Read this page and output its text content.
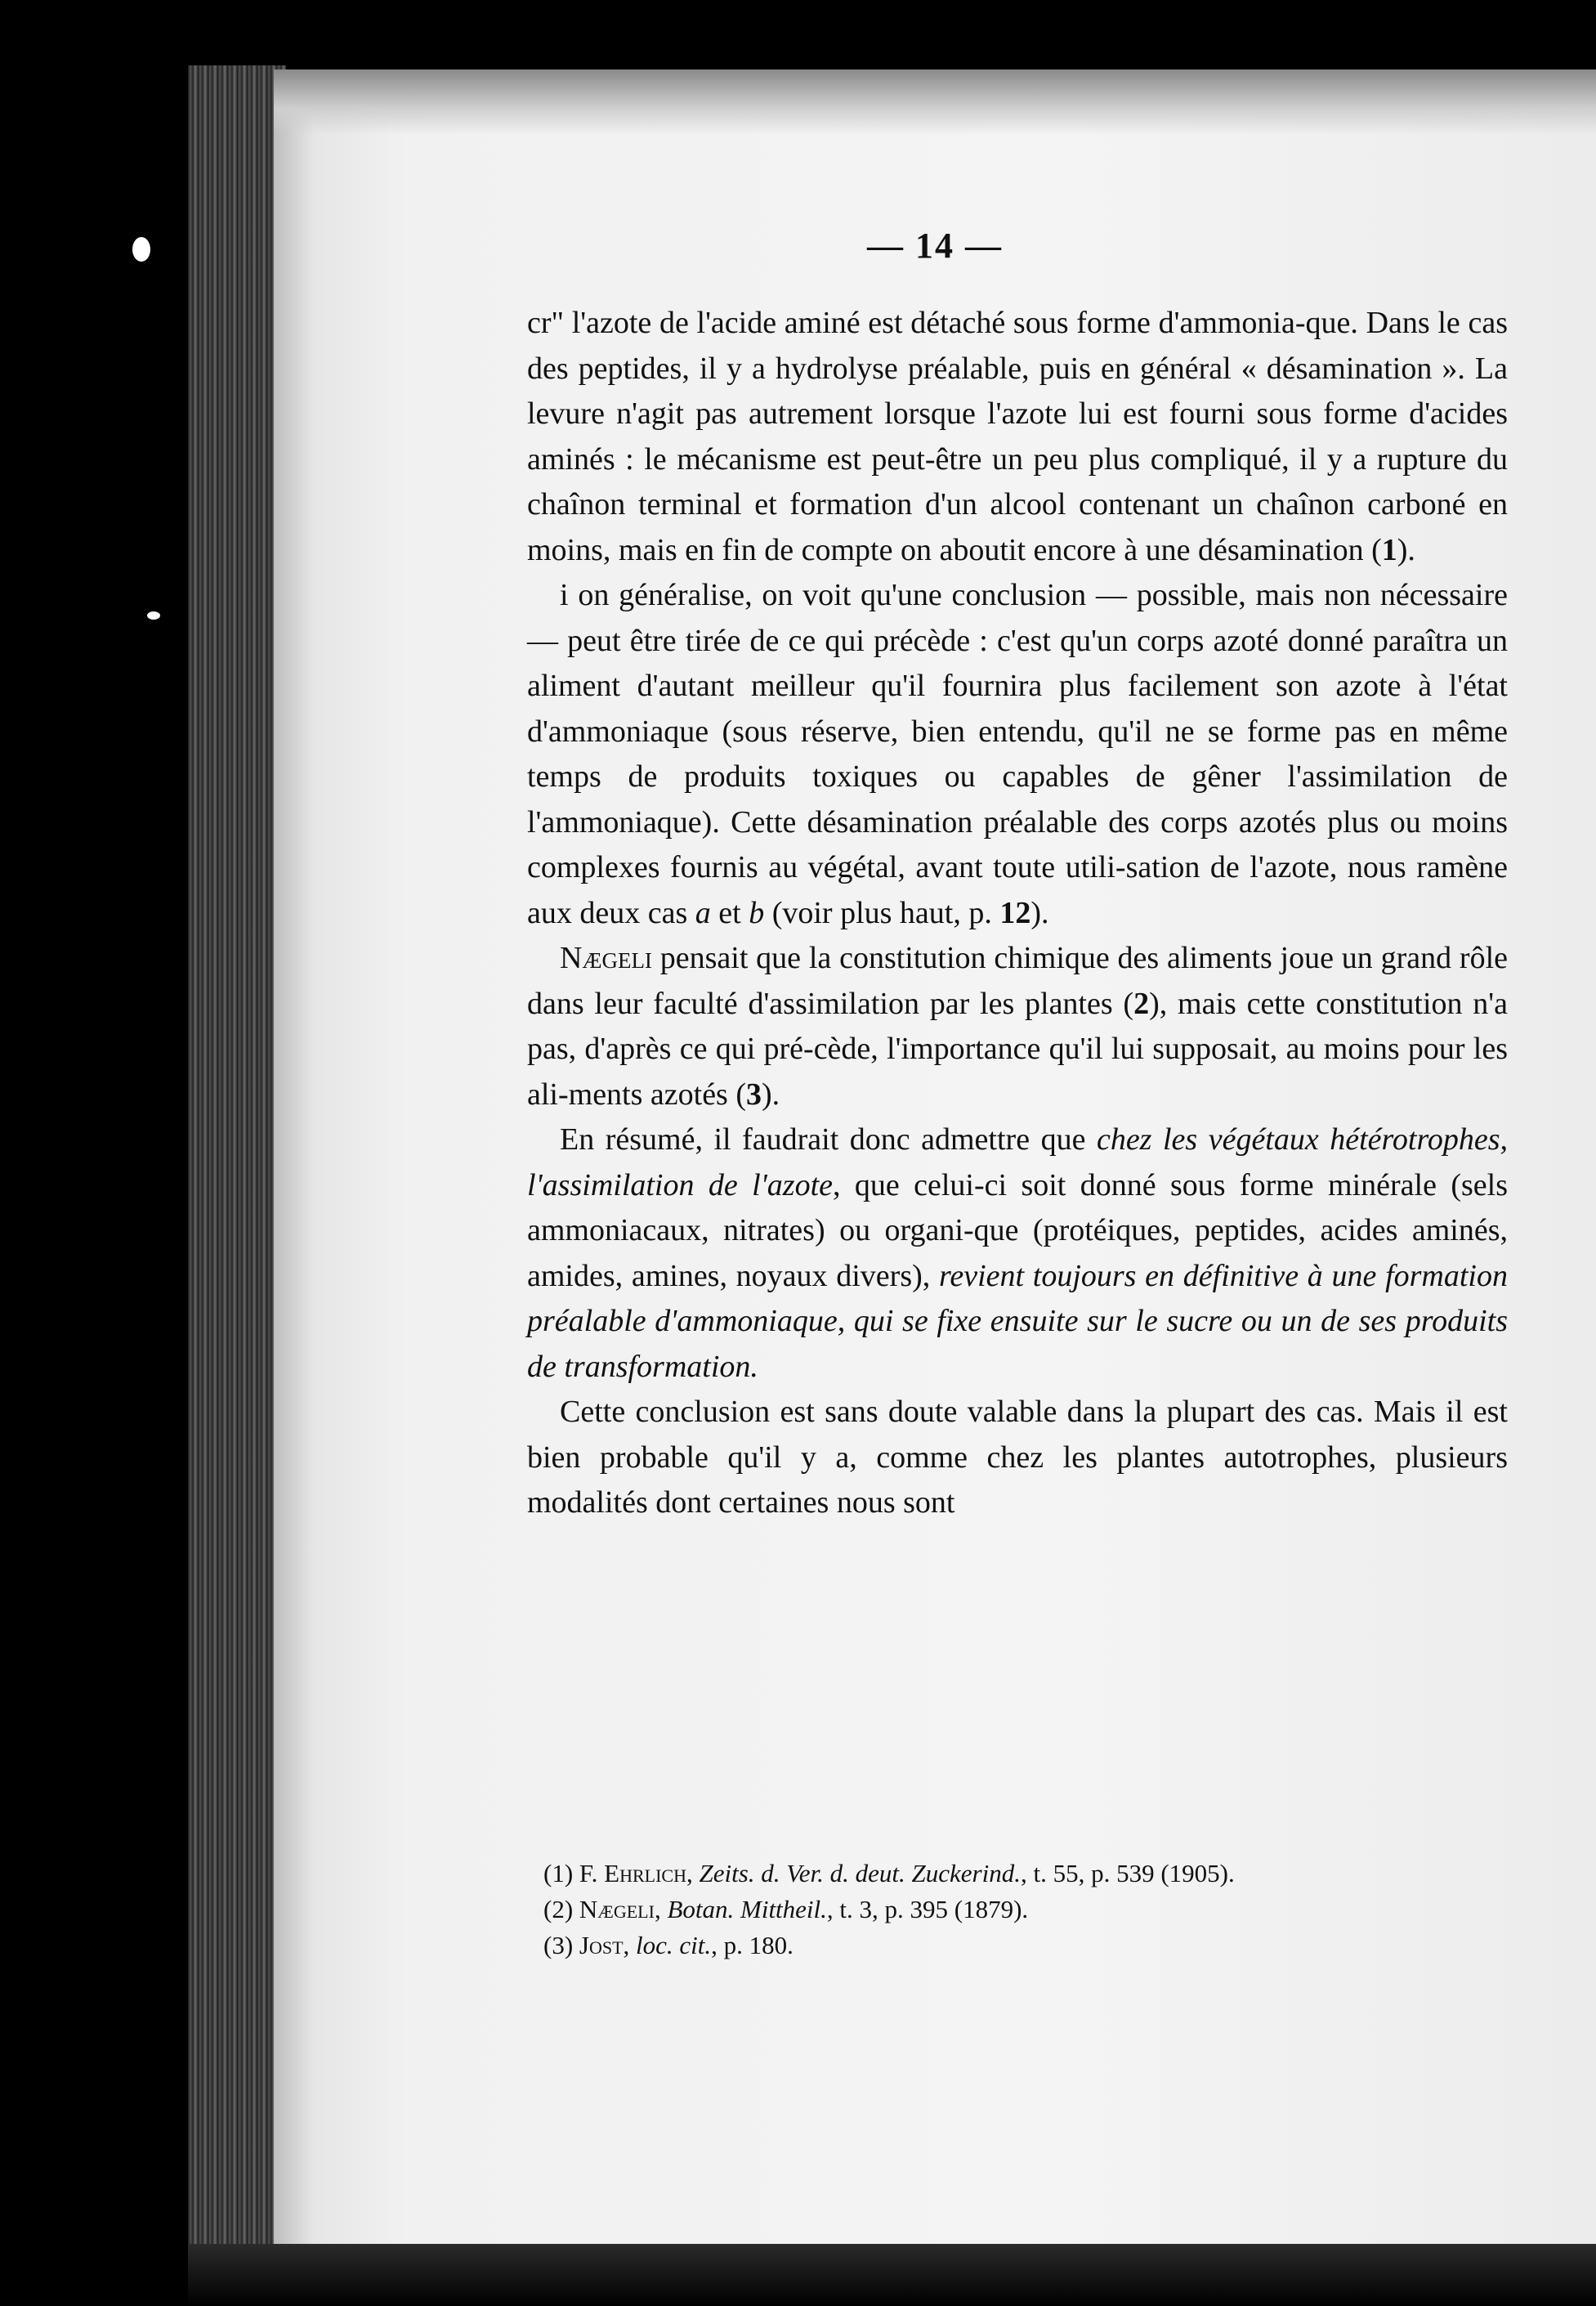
— 14 —

cr" l'azote de l'acide aminé est détaché sous forme d'ammonia-que. Dans le cas des peptides, il y a hydrolyse préalable, puis en général « désamination ». La levure n'agit pas autrement lorsque l'azote lui est fourni sous forme d'acides aminés : le mécanisme est peut-être un peu plus compliqué, il y a rupture du chaînon terminal et formation d'un alcool contenant un chaînon carboné en moins, mais en fin de compte on aboutit encore à une désamination (1).

i on généralise, on voit qu'une conclusion — possible, mais non nécessaire — peut être tirée de ce qui précède : c'est qu'un corps azoté donné paraîtra un aliment d'autant meilleur qu'il fournira plus facilement son azote à l'état d'ammoniaque (sous réserve, bien entendu, qu'il ne se forme pas en même temps de produits toxiques ou capables de gêner l'assimilation de l'ammoniaque). Cette désamination préalable des corps azotés plus ou moins complexes fournis au végétal, avant toute utili-sation de l'azote, nous ramène aux deux cas a et b (voir plus haut, p. 12).

Nægeli pensait que la constitution chimique des aliments joue un grand rôle dans leur faculté d'assimilation par les plantes (2), mais cette constitution n'a pas, d'après ce qui pré-cède, l'importance qu'il lui supposait, au moins pour les ali-ments azotés (3).

En résumé, il faudrait donc admettre que chez les végétaux hétérotrophes, l'assimilation de l'azote, que celui-ci soit donné sous forme minérale (sels ammoniacaux, nitrates) ou organi-que (protéiques, peptides, acides aminés, amides, amines, noyaux divers), revient toujours en définitive à une formation préalable d'ammoniaque, qui se fixe ensuite sur le sucre ou un de ses produits de transformation.

Cette conclusion est sans doute valable dans la plupart des cas. Mais il est bien probable qu'il y a, comme chez les plantes autotrophes, plusieurs modalités dont certaines nous sont

(1) F. Ehrlich, Zeits. d. Ver. d. deut. Zuckerind., t. 55, p. 539 (1905).

(2) Nægeli, Botan. Mittheil., t. 3, p. 395 (1879).

(3) Jost, loc. cit., p. 180.
